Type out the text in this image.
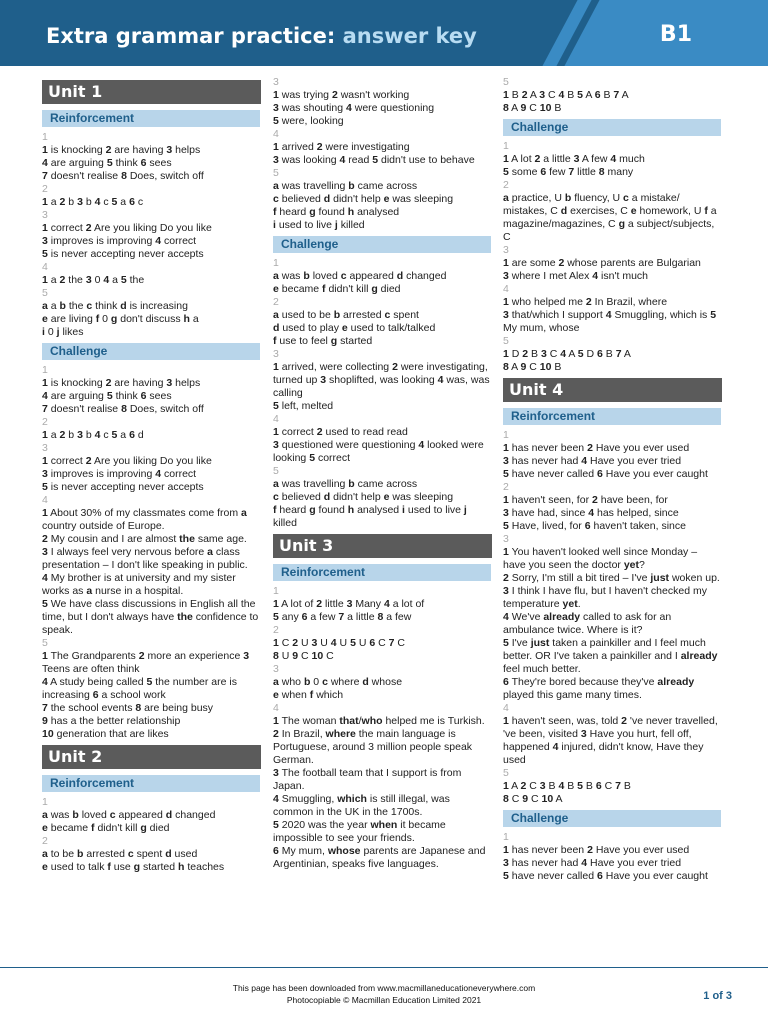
Extra grammar practice: answer key	B1
Unit 1
Reinforcement
1
1 is knocking 2 are having 3 helps
4 are arguing 5 think 6 sees
7 doesn't realise 8 Does, switch off
2
1 a 2 b 3 b 4 c 5 a 6 c
3
1 correct 2 Are you liking Do you like
3 improves is improving 4 correct
5 is never accepting never accepts
4
1 a 2 the 3 0 4 a 5 the
5
a a b the c think d is increasing
e are living f 0 g don't discuss h a
i 0 j likes
Challenge
1
1 is knocking 2 are having 3 helps
4 are arguing 5 think 6 sees
7 doesn't realise 8 Does, switch off
2
1 a 2 b 3 b 4 c 5 a 6 d
3
1 correct 2 Are you liking Do you like
3 improves is improving 4 correct
5 is never accepting never accepts
4
1 About 30% of my classmates come from a country outside of Europe.
2 My cousin and I are almost the same age.
3 I always feel very nervous before a class presentation – I don't like speaking in public.
4 My brother is at university and my sister works as a nurse in a hospital.
5 We have class discussions in English all the time, but I don't always have the confidence to speak.
5
1 The Grandparents 2 more an experience 3 Teens are often think
4 A study being called 5 the number are is increasing 6 a school work
7 the school events 8 are being busy
9 has a the better relationship
10 generation that are likes
Unit 2
Reinforcement
1
a was b loved c appeared d changed
e became f didn't kill g died
2
a to be b arrested c spent d used
e used to talk f use g started h teaches
3
1 was trying 2 wasn't working
3 was shouting 4 were questioning
5 were, looking
4
1 arrived 2 were investigating
3 was looking 4 read 5 didn't use to behave
5
a was travelling b came across
c believed d didn't help e was sleeping
f heard g found h analysed
i used to live j killed
Challenge
1
a was b loved c appeared d changed
e became f didn't kill g died
2
a used to be b arrested c spent
d used to play e used to talk/talked
f use to feel g started
3
1 arrived, were collecting 2 were investigating, turned up 3 shoplifted, was looking 4 was, was calling
5 left, melted
4
1 correct 2 used to read read
3 questioned were questioning 4 looked were looking 5 correct
5
a was travelling b came across
c believed d didn't help e was sleeping
f heard g found h analysed i used to live j killed
Unit 3
Reinforcement
1
1 A lot of 2 little 3 Many 4 a lot of
5 any 6 a few 7 a little 8 a few
2
1 C 2 U 3 U 4 U 5 U 6 C 7 C
8 U 9 C 10 C
3
a who b 0 c where d whose
e when f which
4
1 The woman that/who helped me is Turkish.
2 In Brazil, where the main language is Portuguese, around 3 million people speak German.
3 The football team that I support is from Japan.
4 Smuggling, which is still illegal, was common in the UK in the 1700s.
5 2020 was the year when it became impossible to see your friends.
6 My mum, whose parents are Japanese and Argentinian, speaks five languages.
5
1 B 2 A 3 C 4 B 5 A 6 B 7 A
8 A 9 C 10 B
Challenge
1
1 A lot 2 a little 3 A few 4 much
5 some 6 few 7 little 8 many
2
a practice, U b fluency, U c a mistake/ mistakes, C d exercises, C e homework, U f a magazine/magazines, C g a subject/subjects, C
3
1 are some 2 whose parents are Bulgarian
3 where I met Alex 4 isn't much
4
1 who helped me 2 In Brazil, where
3 that/which I support 4 Smuggling, which is 5 My mum, whose
5
1 D 2 B 3 C 4 A 5 D 6 B 7 A
8 A 9 C 10 B
Unit 4
Reinforcement
1
1 has never been 2 Have you ever used
3 has never had 4 Have you ever tried
5 have never called 6 Have you ever caught
2
1 haven't seen, for 2 have been, for
3 have had, since 4 has helped, since
5 Have, lived, for 6 haven't taken, since
3
1 You haven't looked well since Monday – have you seen the doctor yet?
2 Sorry, I'm still a bit tired – I've just woken up.
3 I think I have flu, but I haven't checked my temperature yet.
4 We've already called to ask for an ambulance twice. Where is it?
5 I've just taken a painkiller and I feel much better. OR I've taken a painkiller and I already feel much better.
6 They're bored because they've already played this game many times.
4
1 haven't seen, was, told 2 've never travelled, 've been, visited 3 Have you hurt, fell off, happened 4 injured, didn't know, Have they used
5
1 A 2 C 3 B 4 B 5 B 6 C 7 B
8 C 9 C 10 A
Challenge
1
1 has never been 2 Have you ever used
3 has never had 4 Have you ever tried
5 have never called 6 Have you ever caught
This page has been downloaded from www.macmillaneducationeverywhere.com
Photocopiable © Macmillan Education Limited 2021	1 of 3
